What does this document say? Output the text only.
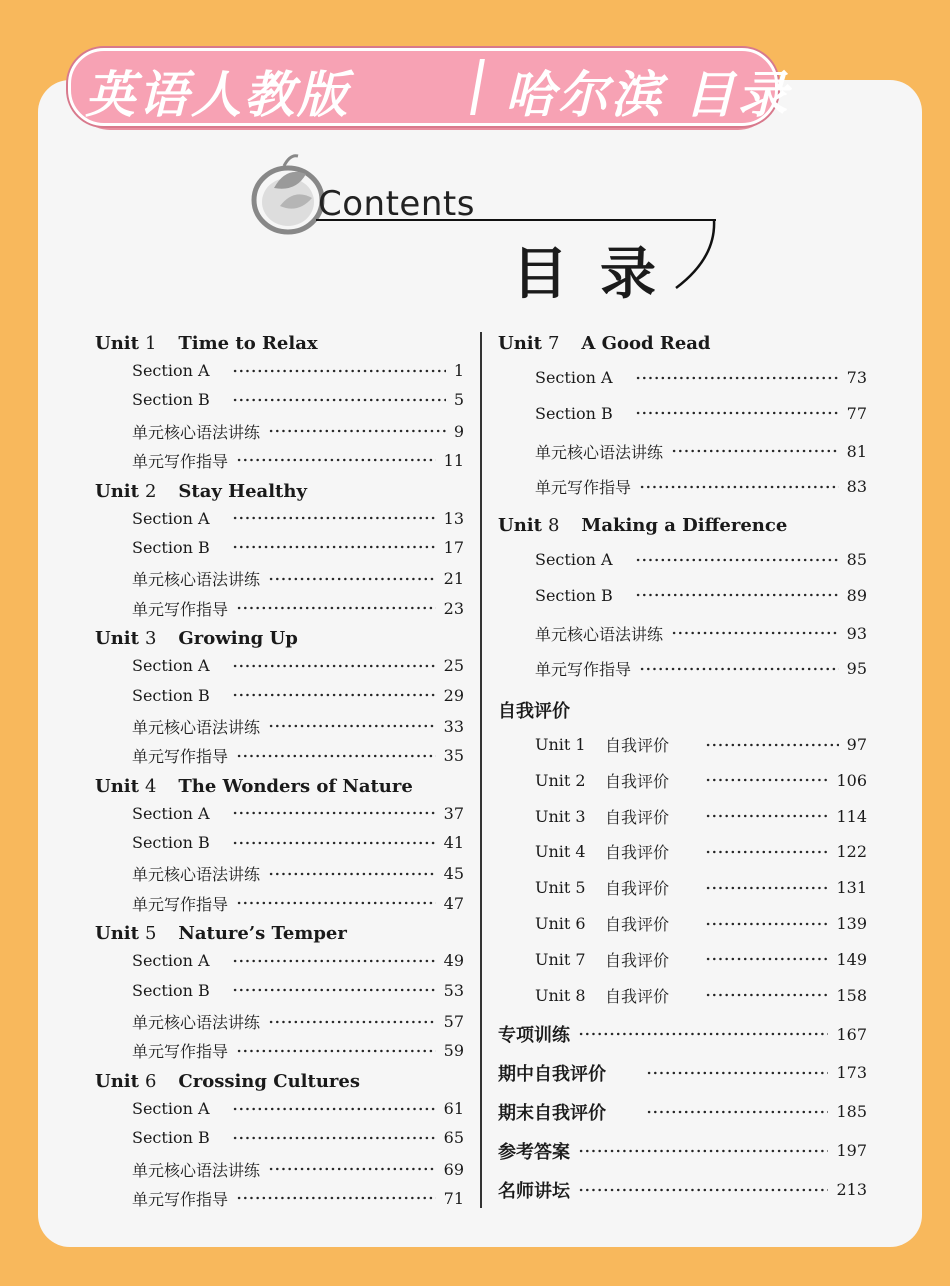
英语人教版	哈尔滨 目录
Contents
目录
Unit 1 Time to Relax
Section A	1
Section B	5
单元核心语法讲练	9
单元写作指导	11
Unit 2 Stay Healthy
Section A	13
Section B	17
单元核心语法讲练	21
单元写作指导	23
Unit 3 Growing Up
Section A	25
Section B	29
单元核心语法讲练	33
单元写作指导	35
Unit 4 The Wonders of Nature
Section A	37
Section B	41
单元核心语法讲练	45
单元写作指导	47
Unit 5 Nature’s Temper
Section A	49
Section B	53
单元核心语法讲练	57
单元写作指导	59
Unit 6 Crossing Cultures
Section A	61
Section B	65
单元核心语法讲练	69
单元写作指导	71
Unit 7 A Good Read
Section A	73
Section B	77
单元核心语法讲练	81
单元写作指导	83
Unit 8 Making a Difference
Section A	85
Section B	89
单元核心语法讲练	93
单元写作指导	95
自我评价
Unit 1	自我评价	97
Unit 2	自我评价	106
Unit 3	自我评价	114
Unit 4	自我评价	122
Unit 5	自我评价	131
Unit 6	自我评价	139
Unit 7	自我评价	149
Unit 8	自我评价	158
专项训练	167
期中自我评价	173
期末自我评价	185
参考答案	197
名师讲坛	213
